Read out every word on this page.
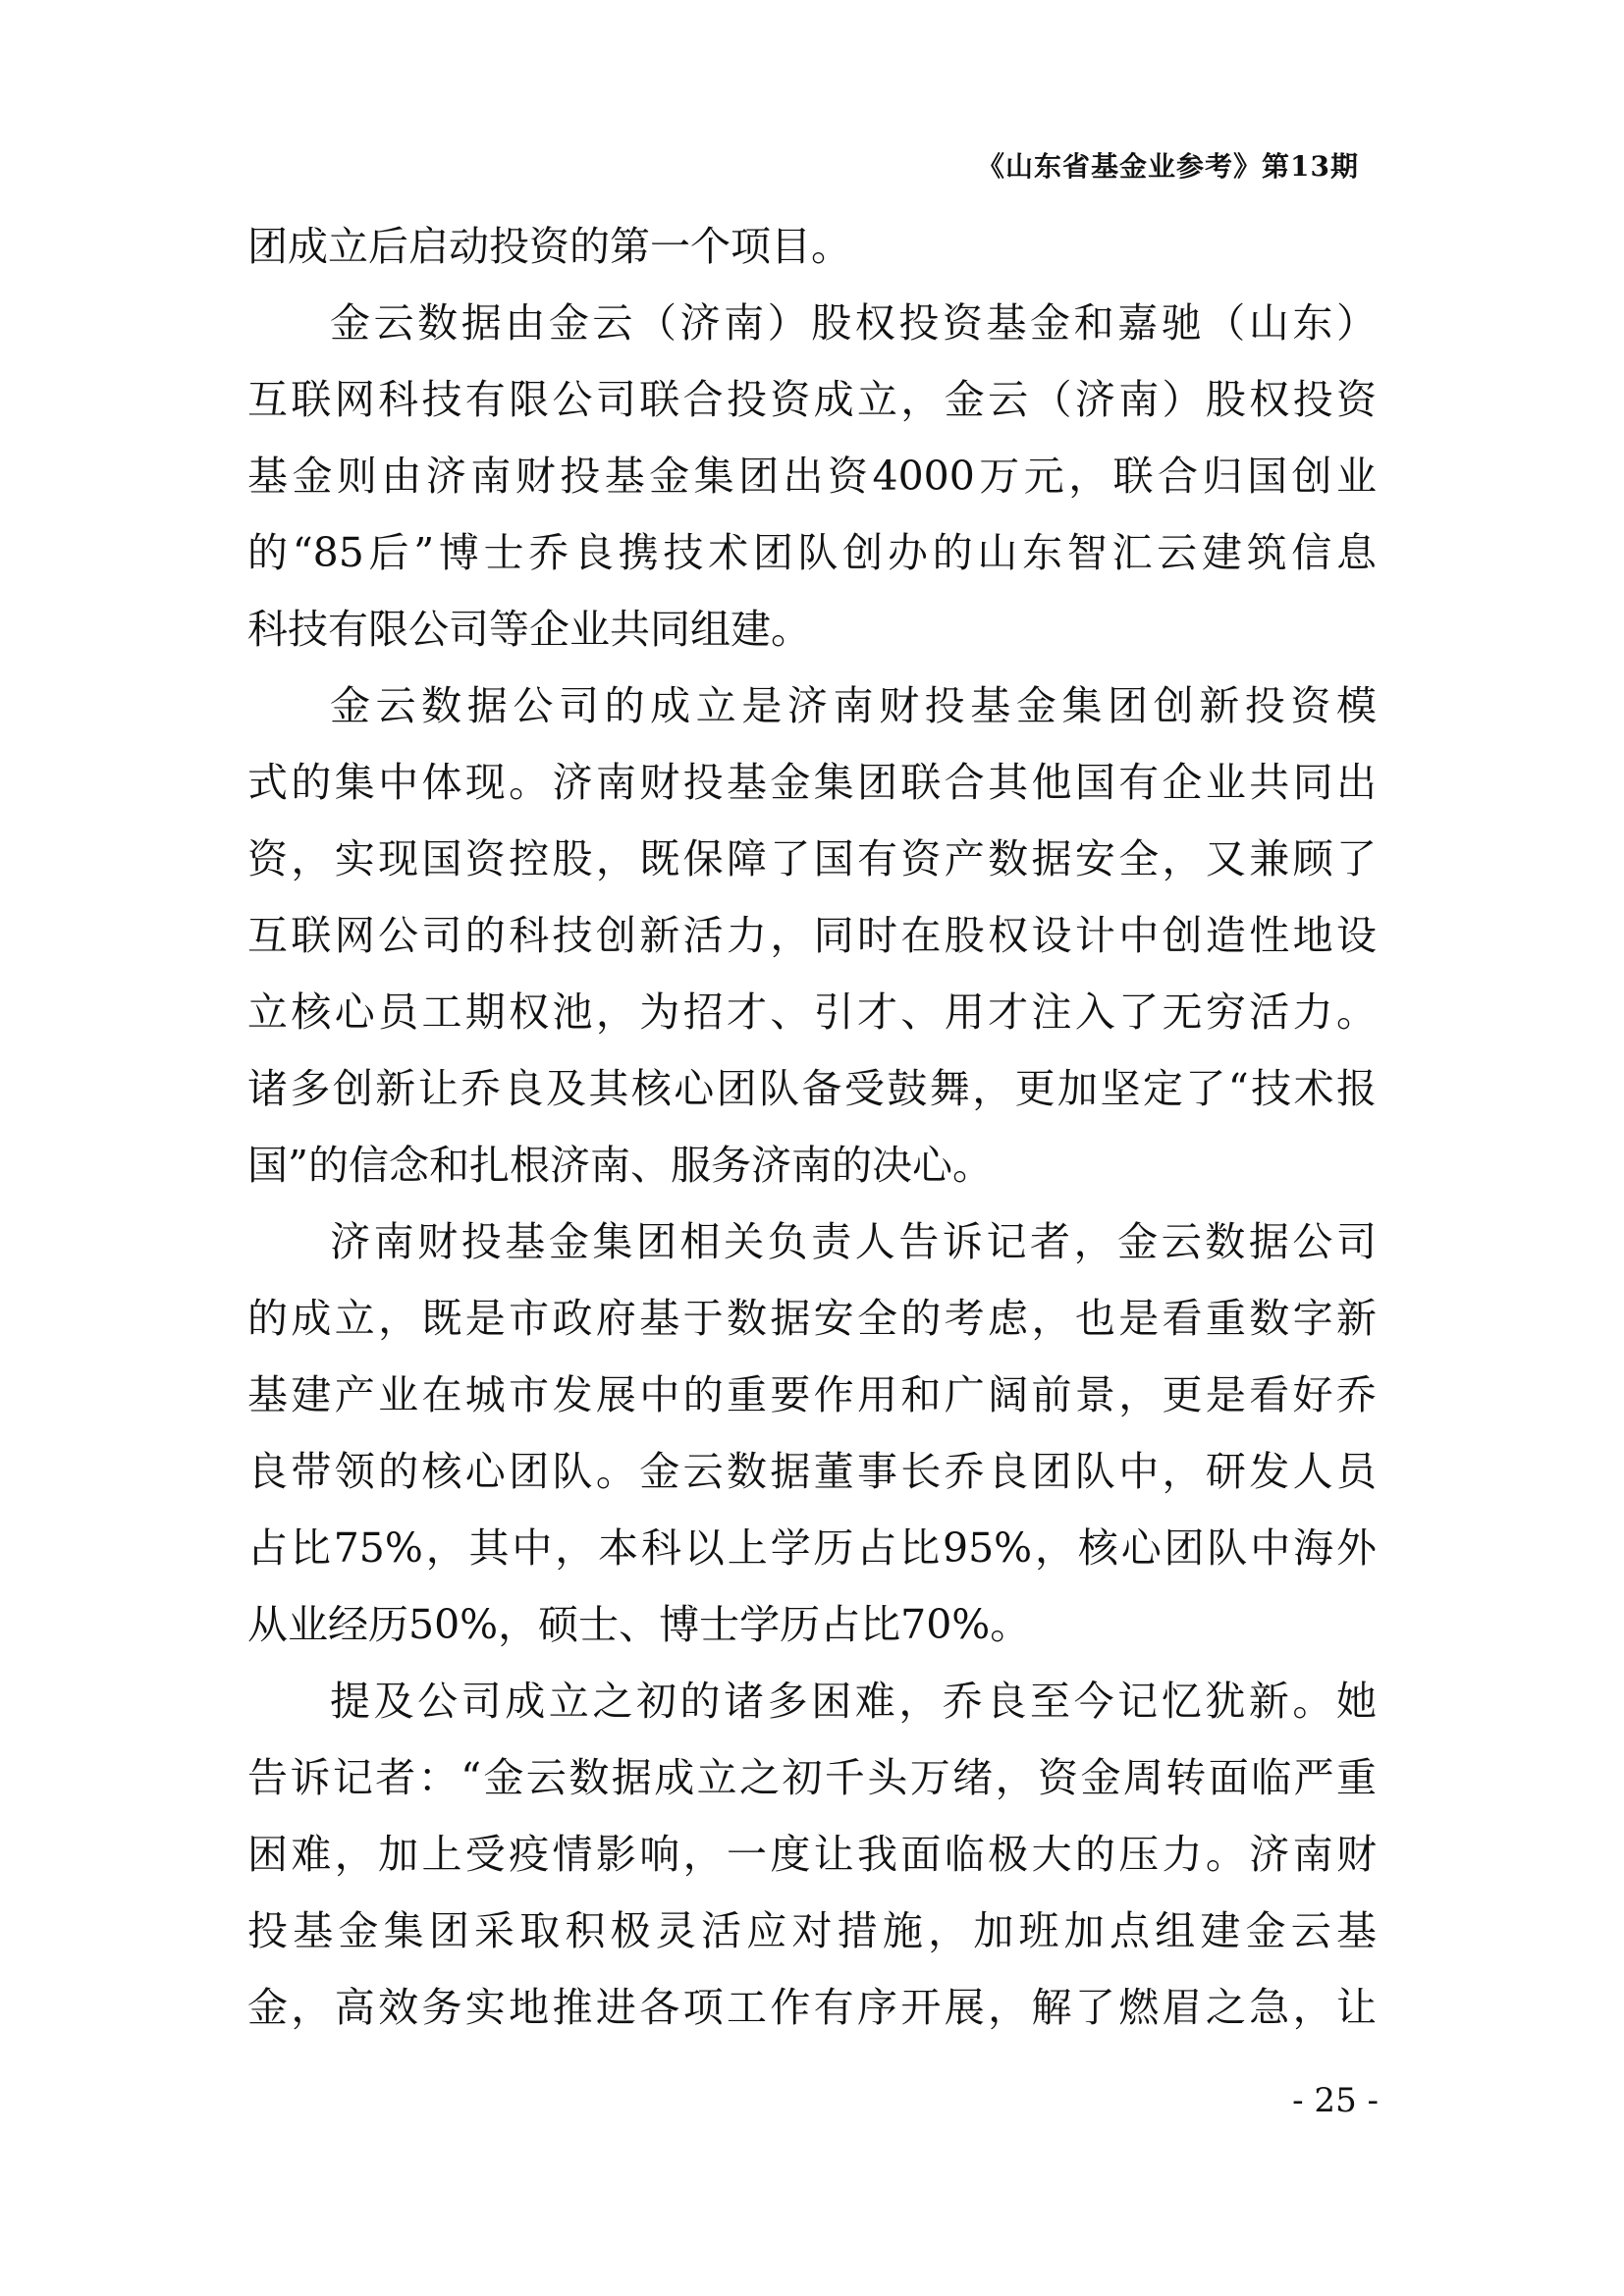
《山东省基金业参考》第13期
团成立后启动投资的第一个项目。
金云数据由金云（济南）股权投资基金和嘉驰（山东）
互联网科技有限公司联合投资成立，金云（济南）股权投资
基金则由济南财投基金集团出资4000万元，联合归国创业
的“85后”博士乔良携技术团队创办的山东智汇云建筑信息
科技有限公司等企业共同组建。
金云数据公司的成立是济南财投基金集团创新投资模
式的集中体现。济南财投基金集团联合其他国有企业共同出
资，实现国资控股，既保障了国有资产数据安全，又兼顾了
互联网公司的科技创新活力，同时在股权设计中创造性地设
立核心员工期权池，为招才、引才、用才注入了无穷活力。
诸多创新让乔良及其核心团队备受鼓舞，更加坚定了“技术报
国”的信念和扎根济南、服务济南的决心。
济南财投基金集团相关负责人告诉记者，金云数据公司
的成立，既是市政府基于数据安全的考虑，也是看重数字新
基建产业在城市发展中的重要作用和广阔前景，更是看好乔
良带领的核心团队。金云数据董事长乔良团队中，研发人员
占比75%，其中，本科以上学历占比95%，核心团队中海外
从业经历50%，硕士、博士学历占比70%。
提及公司成立之初的诸多困难，乔良至今记忆犹新。她
告诉记者：“金云数据成立之初千头万绪，资金周转面临严重
困难，加上受疫情影响，一度让我面临极大的压力。济南财
投基金集团采取积极灵活应对措施，加班加点组建金云基
金，高效务实地推进各项工作有序开展，解了燃眉之急，让
- 25 -
